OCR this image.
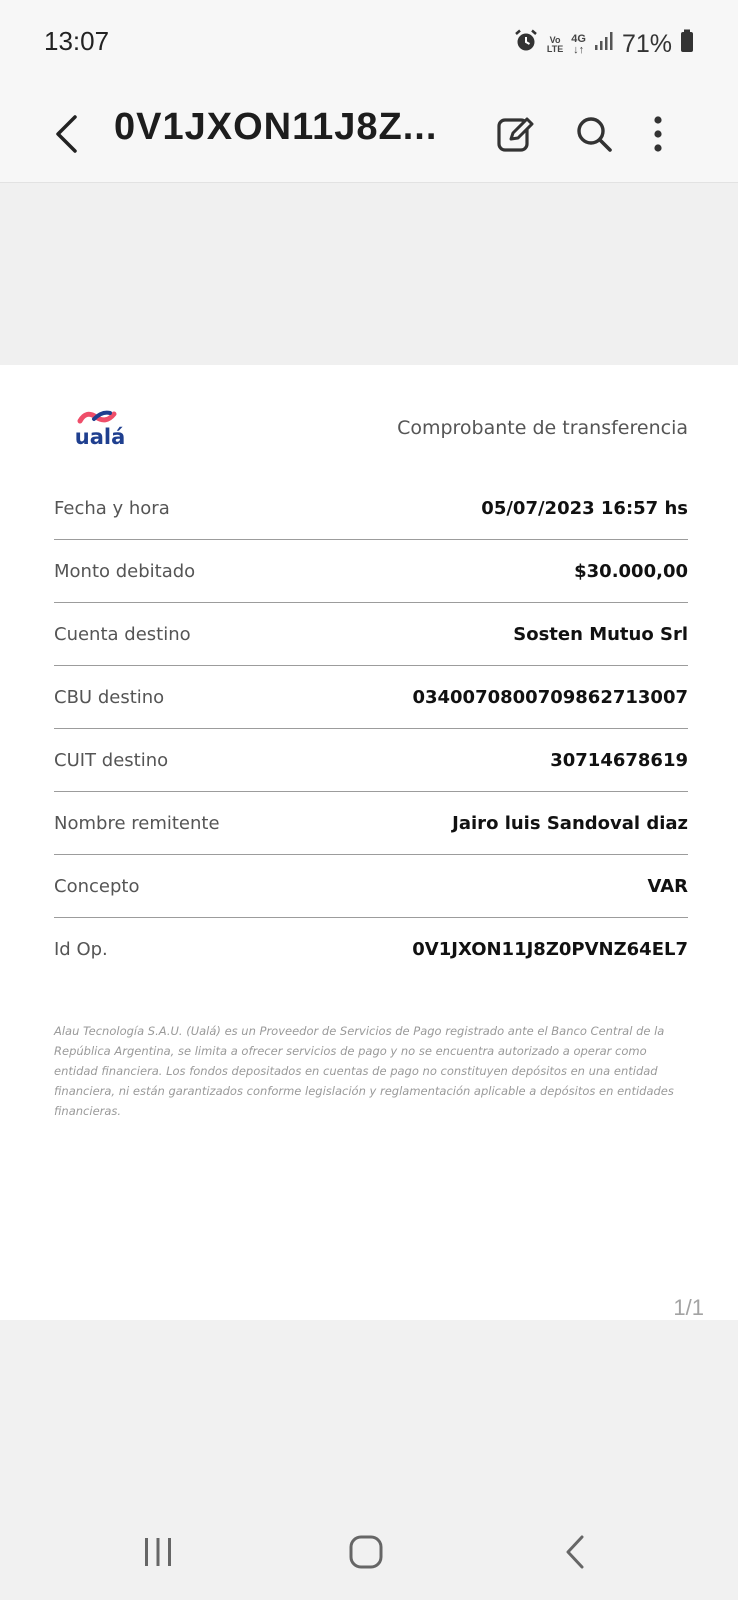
13:07	Vo
LTE
4G
↓↑ 71%
0V1JXON11J8Z...
ualá	Comprobante de transferencia
Fecha y hora	05/07/2023 16:57 hs
Monto debitado	$30.000,00
Cuenta destino	Sosten Mutuo Srl
CBU destino	0340070800709862713007
CUIT destino	30714678619
Nombre remitente	Jairo luis Sandoval diaz
Concepto	VAR
Id Op.	0V1JXON11J8Z0PVNZ64EL7
Alau Tecnología S.A.U. (Ualá) es un Proveedor de Servicios de Pago registrado ante el Banco Central de la República Argentina, se limita a ofrecer servicios de pago y no se encuentra autorizado a operar como entidad financiera. Los fondos depositados en cuentas de pago no constituyen depósitos en una entidad financiera, ni están garantizados conforme legislación y reglamentación aplicable a depósitos en entidades financieras.
1/1
